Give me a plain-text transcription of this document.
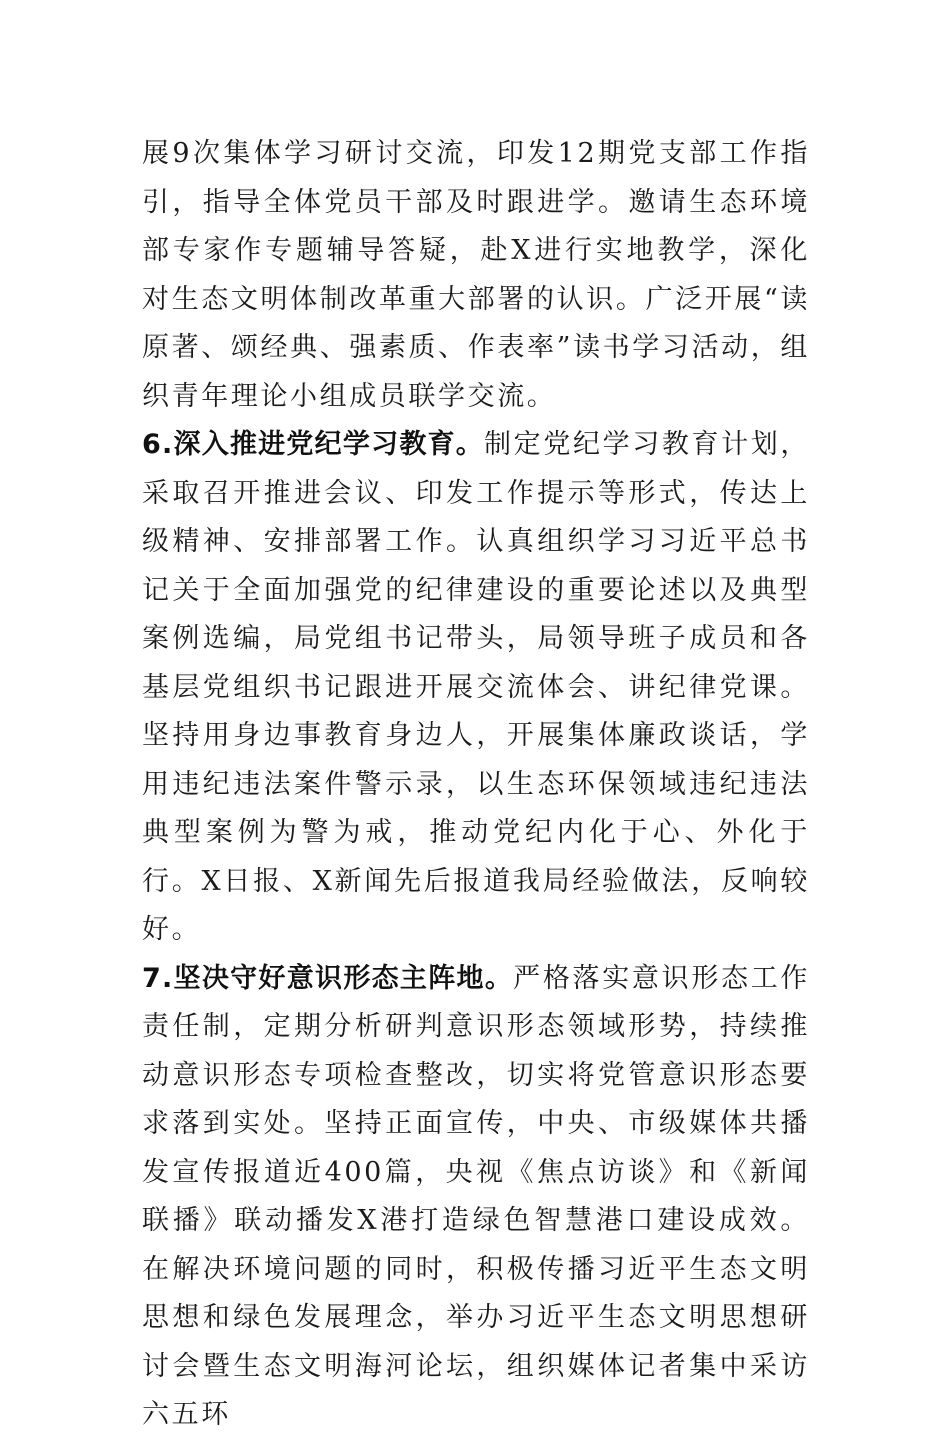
展9次集体学习研讨交流，印发12期党支部工作指引，指导全体党员干部及时跟进学。邀请生态环境部专家作专题辅导答疑，赴X进行实地教学，深化对生态文明体制改革重大部署的认识。广泛开展“读原著、颂经典、强素质、作表率”读书学习活动，组织青年理论小组成员联学交流。

6.深入推进党纪学习教育。制定党纪学习教育计划，采取召开推进会议、印发工作提示等形式，传达上级精神、安排部署工作。认真组织学习习近平总书记关于全面加强党的纪律建设的重要论述以及典型案例选编，局党组书记带头，局领导班子成员和各基层党组织书记跟进开展交流体会、讲纪律党课。坚持用身边事教育身边人，开展集体廉政谈话，学用违纪违法案件警示录，以生态环保领域违纪违法典型案例为警为戒，推动党纪内化于心、外化于行。X日报、X新闻先后报道我局经验做法，反响较好。

7.坚决守好意识形态主阵地。严格落实意识形态工作责任制，定期分析研判意识形态领域形势，持续推动意识形态专项检查整改，切实将党管意识形态要求落到实处。坚持正面宣传，中央、市级媒体共播发宣传报道近400篇，央视《焦点访谈》和《新闻联播》联动播发X港打造绿色智慧港口建设成效。在解决环境问题的同时，积极传播习近平生态文明思想和绿色发展理念，举办习近平生态文明思想研讨会暨生态文明海河论坛，组织媒体记者集中采访六五环
